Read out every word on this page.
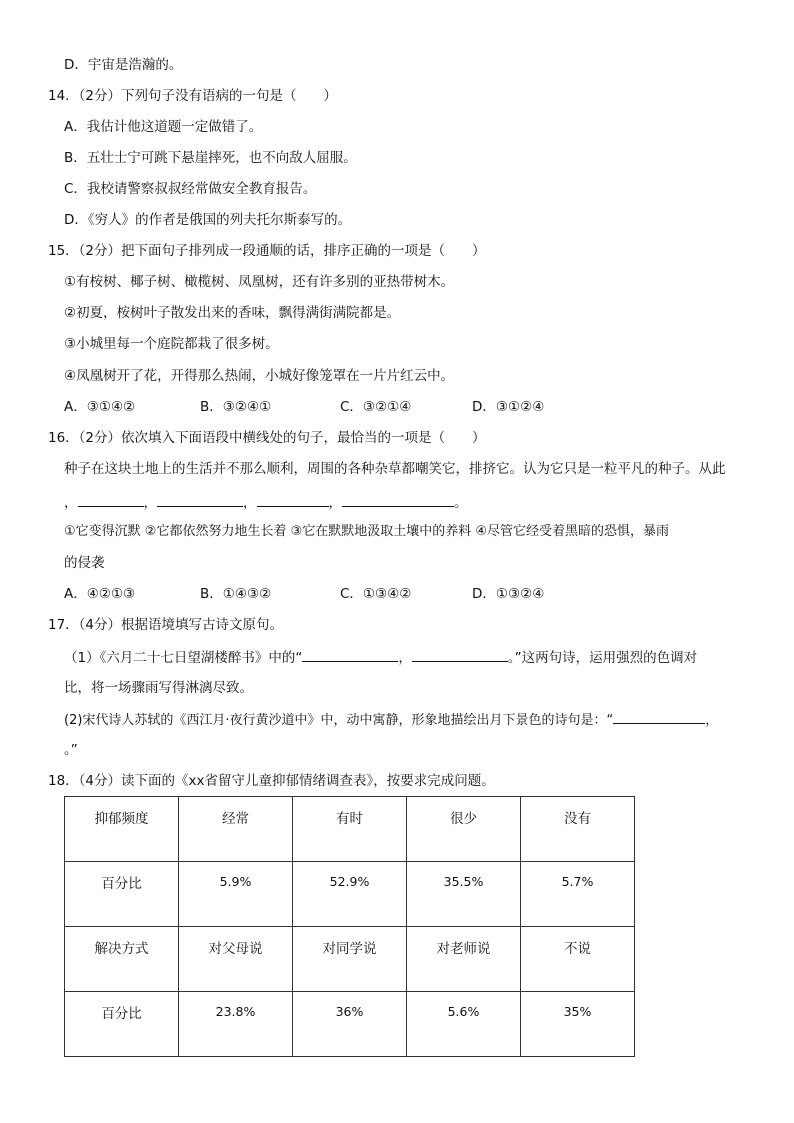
D．宇宙是浩瀚的。
14．（2分）下列句子没有语病的一句是（　　）
A．我估计他这道题一定做错了。
B．五壮士宁可跳下悬崖摔死，也不向敌人屈服。
C．我校请警察叔叔经常做安全教育报告。
D．《穷人》的作者是俄国的列夫托尔斯泰写的。
15．（2分）把下面句子排列成一段通顺的话，排序正确的一项是（　　）
①有桉树、椰子树、橄榄树、凤凰树，还有许多别的亚热带树木。
②初夏，桉树叶子散发出来的香味，飘得满街满院都是。
③小城里每一个庭院都栽了很多树。
④凤凰树开了花，开得那么热闹，小城好像笼罩在一片片红云中。
A．③①④②	B．③②④①	C．③②①④	D．③①②④
16．（2分）依次填入下面语段中横线处的句子，最恰当的一项是（　　）
种子在这块土地上的生活并不那么顺利，周围的各种杂草都嘲笑它，排挤它。认为它只是一粒平凡的种子。从此
，	，	，	，	。
①它变得沉默 ②它都依然努力地生长着 ③它在默默地汲取土壤中的养料 ④尽管它经受着黑暗的恐惧，暴雨
的侵袭
A．④②①③	B．①④③②	C．①③④②	D．①③②④
17．（4分）根据语境填写古诗文原句。
（1）《六月二十七日望湖楼醉书》中的“	，	。”这两句诗，运用强烈的色调对
比，将一场骤雨写得淋漓尽致。
(2)宋代诗人苏轼的《西江月·夜行黄沙道中》中，动中寓静，形象地描绘出月下景色的诗句是：“	，
。”
18．（4分）读下面的《xx省留守儿童抑郁情绪调查表》，按要求完成问题。
抑郁频度	经常	有时	很少	没有
百分比	5.9%	52.9%	35.5%	5.7%
解决方式	对父母说	对同学说	对老师说	不说
百分比	23.8%	36%	5.6%	35%
